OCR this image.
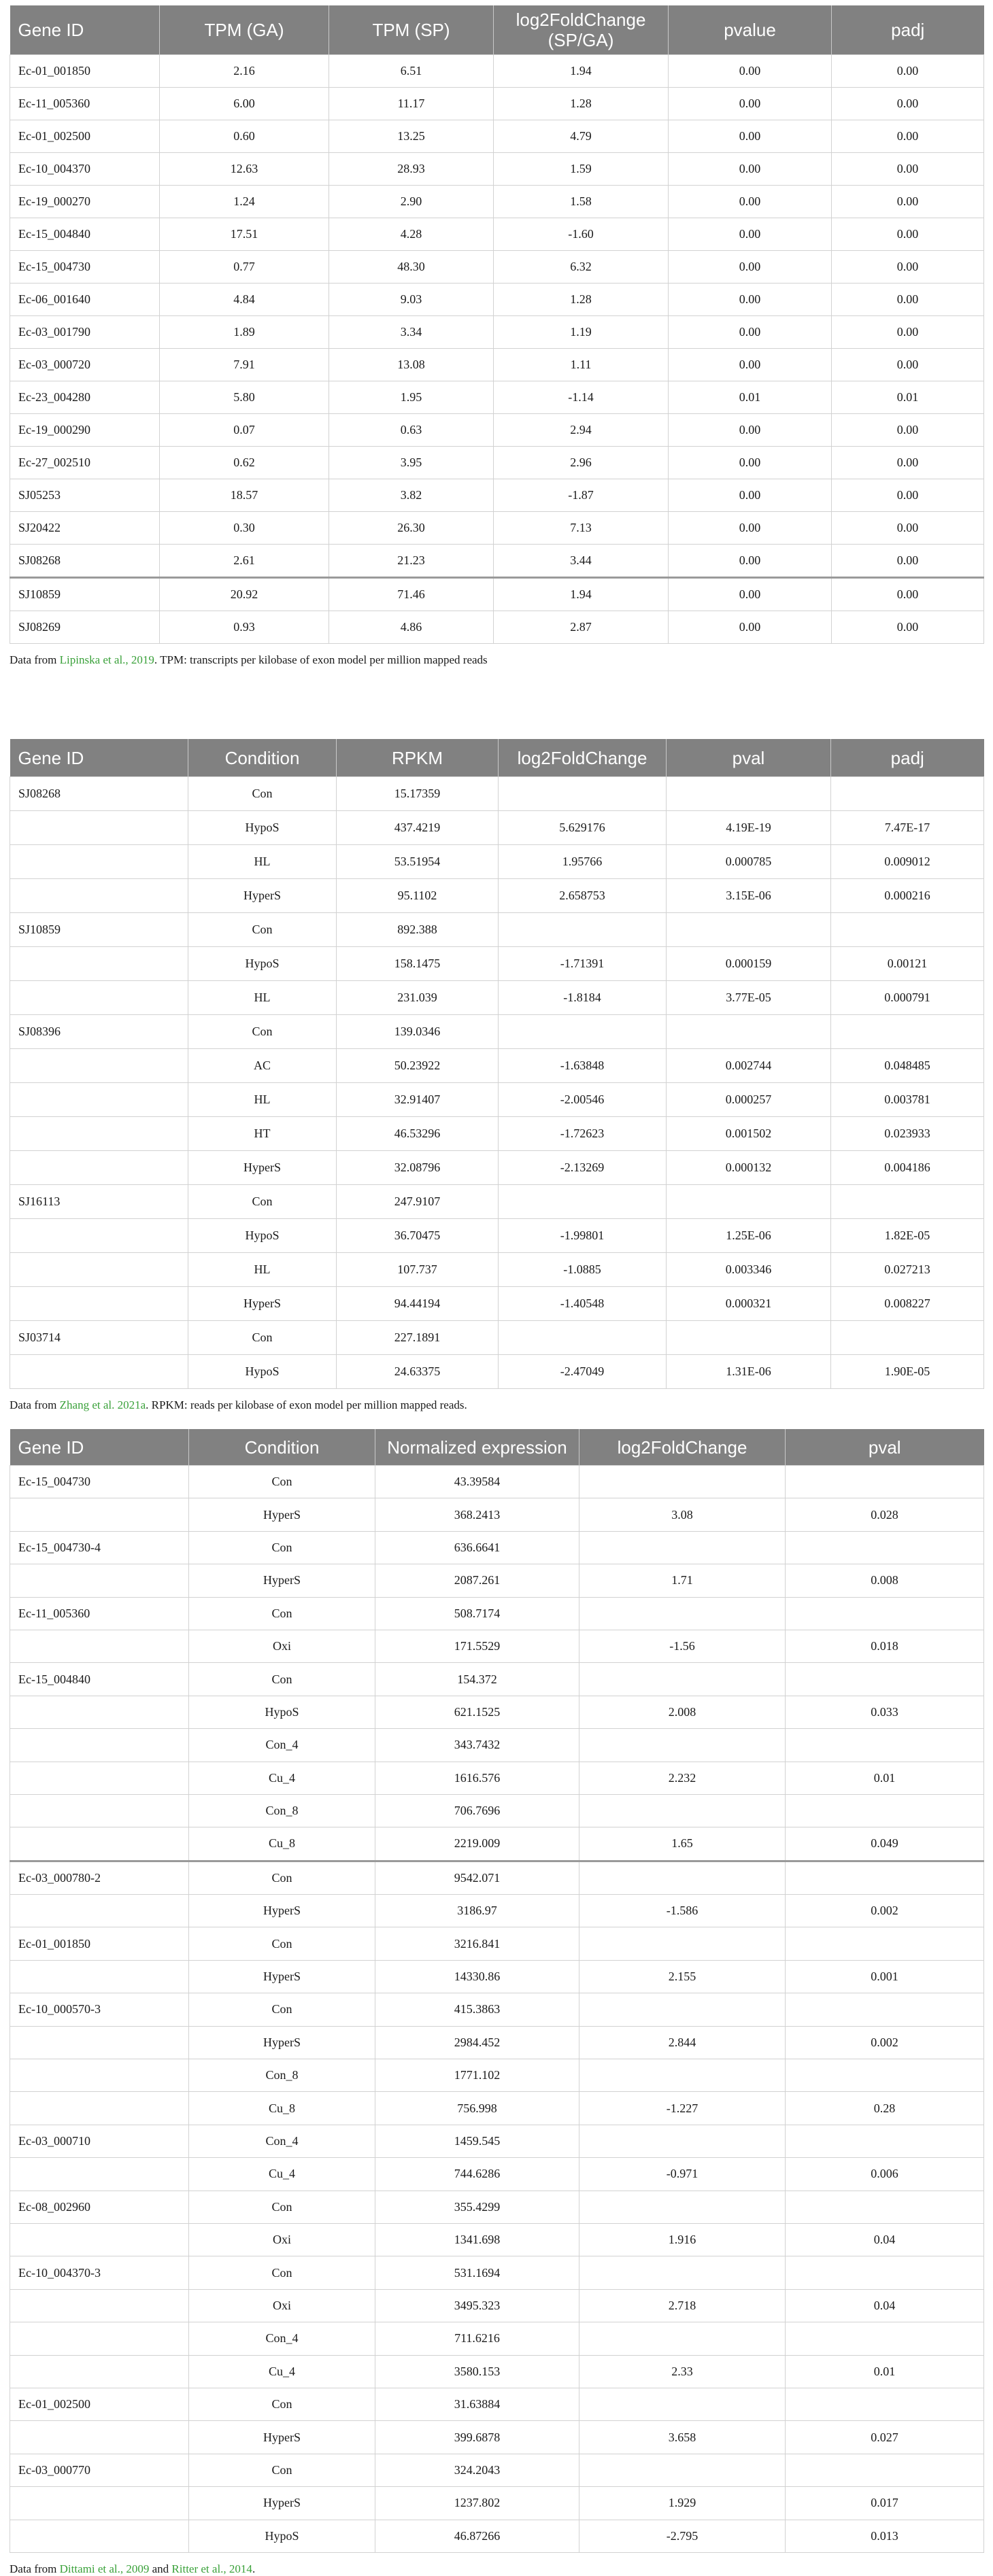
Gene ID	TPM (GA)	TPM (SP)	log2FoldChange (SP/GA)	pvalue	padj
Ec-01_001850	2.16	6.51	1.94	0.00	0.00
Ec-11_005360	6.00	11.17	1.28	0.00	0.00
Ec-01_002500	0.60	13.25	4.79	0.00	0.00
Ec-10_004370	12.63	28.93	1.59	0.00	0.00
Ec-19_000270	1.24	2.90	1.58	0.00	0.00
Ec-15_004840	17.51	4.28	-1.60	0.00	0.00
Ec-15_004730	0.77	48.30	6.32	0.00	0.00
Ec-06_001640	4.84	9.03	1.28	0.00	0.00
Ec-03_001790	1.89	3.34	1.19	0.00	0.00
Ec-03_000720	7.91	13.08	1.11	0.00	0.00
Ec-23_004280	5.80	1.95	-1.14	0.01	0.01
Ec-19_000290	0.07	0.63	2.94	0.00	0.00
Ec-27_002510	0.62	3.95	2.96	0.00	0.00
SJ05253	18.57	3.82	-1.87	0.00	0.00
SJ20422	0.30	26.30	7.13	0.00	0.00
SJ08268	2.61	21.23	3.44	0.00	0.00
SJ10859	20.92	71.46	1.94	0.00	0.00
SJ08269	0.93	4.86	2.87	0.00	0.00
Data from Lipinska et al., 2019. TPM: transcripts per kilobase of exon model per million mapped reads
Gene ID	Condition	RPKM	log2FoldChange	pval	padj
SJ08268	Con	15.17359			
	HypoS	437.4219	5.629176	4.19E-19	7.47E-17
	HL	53.51954	1.95766	0.000785	0.009012
	HyperS	95.1102	2.658753	3.15E-06	0.000216
SJ10859	Con	892.388			
	HypoS	158.1475	-1.71391	0.000159	0.00121
	HL	231.039	-1.8184	3.77E-05	0.000791
SJ08396	Con	139.0346			
	AC	50.23922	-1.63848	0.002744	0.048485
	HL	32.91407	-2.00546	0.000257	0.003781
	HT	46.53296	-1.72623	0.001502	0.023933
	HyperS	32.08796	-2.13269	0.000132	0.004186
SJ16113	Con	247.9107			
	HypoS	36.70475	-1.99801	1.25E-06	1.82E-05
	HL	107.737	-1.0885	0.003346	0.027213
	HyperS	94.44194	-1.40548	0.000321	0.008227
SJ03714	Con	227.1891			
	HypoS	24.63375	-2.47049	1.31E-06	1.90E-05
Data from Zhang et al. 2021a. RPKM: reads per kilobase of exon model per million mapped reads.
Gene ID	Condition	Normalized expression	log2FoldChange	pval
Ec-15_004730	Con	43.39584		
	HyperS	368.2413	3.08	0.028
Ec-15_004730-4	Con	636.6641		
	HyperS	2087.261	1.71	0.008
Ec-11_005360	Con	508.7174		
	Oxi	171.5529	-1.56	0.018
Ec-15_004840	Con	154.372		
	HypoS	621.1525	2.008	0.033
	Con_4	343.7432		
	Cu_4	1616.576	2.232	0.01
	Con_8	706.7696		
	Cu_8	2219.009	1.65	0.049
Ec-03_000780-2	Con	9542.071		
	HyperS	3186.97	-1.586	0.002
Ec-01_001850	Con	3216.841		
	HyperS	14330.86	2.155	0.001
Ec-10_000570-3	Con	415.3863		
	HyperS	2984.452	2.844	0.002
	Con_8	1771.102		
	Cu_8	756.998	-1.227	0.28
Ec-03_000710	Con_4	1459.545		
	Cu_4	744.6286	-0.971	0.006
Ec-08_002960	Con	355.4299		
	Oxi	1341.698	1.916	0.04
Ec-10_004370-3	Con	531.1694		
	Oxi	3495.323	2.718	0.04
	Con_4	711.6216		
	Cu_4	3580.153	2.33	0.01
Ec-01_002500	Con	31.63884		
	HyperS	399.6878	3.658	0.027
Ec-03_000770	Con	324.2043		
	HyperS	1237.802	1.929	0.017
	HypoS	46.87266	-2.795	0.013
Data from Dittami et al., 2009 and Ritter et al., 2014.
